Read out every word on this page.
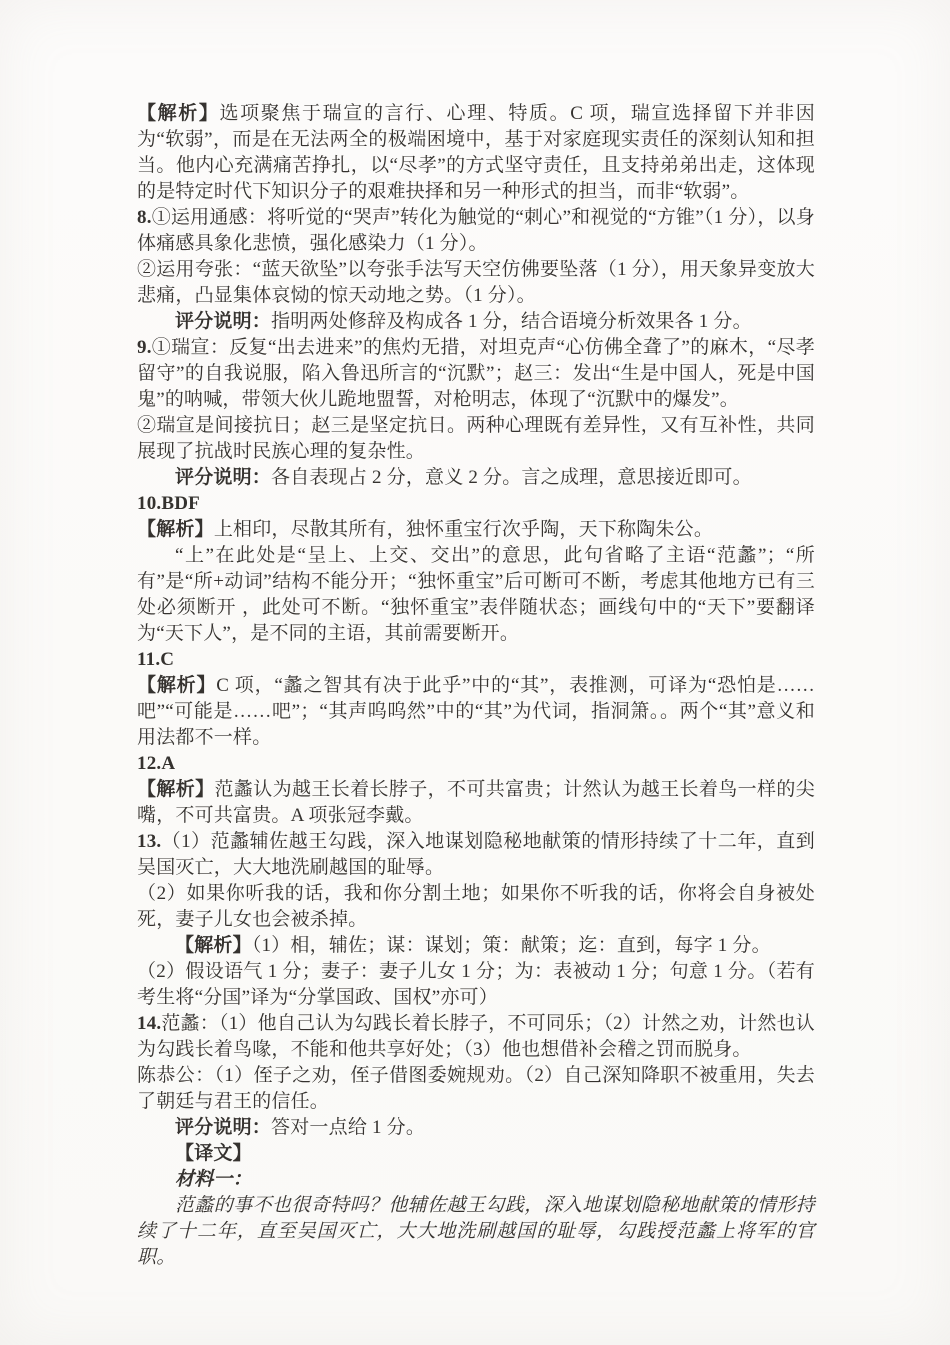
【解析】选项聚焦于瑞宣的言行、心理、特质。C 项，瑞宣选择留下并非因为“软弱”，而是在无法两全的极端困境中，基于对家庭现实责任的深刻认知和担当。他内心充满痛苦挣扎，以“尽孝”的方式坚守责任，且支持弟弟出走，这体现的是特定时代下知识分子的艰难抉择和另一种形式的担当，而非“软弱”。

8.①运用通感：将听觉的“哭声”转化为触觉的“刺心”和视觉的“方锥”（1 分），以身体痛感具象化悲愤，强化感染力（1 分）。

②运用夸张：“蓝天欲坠”以夸张手法写天空仿佛要坠落（1 分），用天象异变放大悲痛，凸显集体哀恸的惊天动地之势。（1 分）。

评分说明：指明两处修辞及构成各 1 分，结合语境分析效果各 1 分。

9.①瑞宣：反复“出去进来”的焦灼无措，对坦克声“心仿佛全聋了”的麻木，“尽孝留守”的自我说服，陷入鲁迅所言的“沉默”；赵三：发出“生是中国人，死是中国鬼”的呐喊，带领大伙儿跪地盟誓，对枪明志，体现了“沉默中的爆发”。

②瑞宣是间接抗日；赵三是坚定抗日。两种心理既有差异性，又有互补性，共同展现了抗战时民族心理的复杂性。

评分说明：各自表现占 2 分，意义 2 分。言之成理，意思接近即可。

10.BDF

【解析】上相印，尽散其所有，独怀重宝行次乎陶，天下称陶朱公。

“上”在此处是“呈上、上交、交出”的意思，此句省略了主语“范蠡”；“所有”是“所+动词”结构不能分开；“独怀重宝”后可断可不断，考虑其他地方已有三处必须断开 ，此处可不断。“独怀重宝”表伴随状态；画线句中的“天下”要翻译为“天下人”，是不同的主语，其前需要断开。

11.C

【解析】C 项，“蠡之智其有决于此乎”中的“其”，表推测，可译为“恐怕是……吧”“可能是……吧”；“其声呜呜然”中的“其”为代词，指洞箫。。两个“其”意义和用法都不一样。

12.A

【解析】范蠡认为越王长着长脖子，不可共富贵；计然认为越王长着鸟一样的尖嘴，不可共富贵。A 项张冠李戴。

13.（1）范蠡辅佐越王勾践，深入地谋划隐秘地献策的情形持续了十二年，直到吴国灭亡，大大地洗刷越国的耻辱。

（2）如果你听我的话，我和你分割土地；如果你不听我的话，你将会自身被处死，妻子儿女也会被杀掉。

【解析】（1）相，辅佐；谋：谋划；策：献策；迄：直到，每字 1 分。

（2）假设语气 1 分；妻子：妻子儿女 1 分；为：表被动 1 分；句意 1 分。（若有考生将“分国”译为“分掌国政、国权”亦可）

14.范蠡：（1）他自己认为勾践长着长脖子，不可同乐；（2）计然之劝，计然也认为勾践长着鸟喙，不能和他共享好处；（3）他也想借补会稽之罚而脱身。

陈恭公：（1）侄子之劝，侄子借图委婉规劝。（2）自己深知降职不被重用，失去了朝廷与君王的信任。

评分说明：答对一点给 1 分。

【译文】

材料一：

范蠡的事不也很奇特吗？他辅佐越王勾践，深入地谋划隐秘地献策的情形持续了十二年，直至吴国灭亡，大大地洗刷越国的耻辱，勾践授范蠡上将军的官职。
